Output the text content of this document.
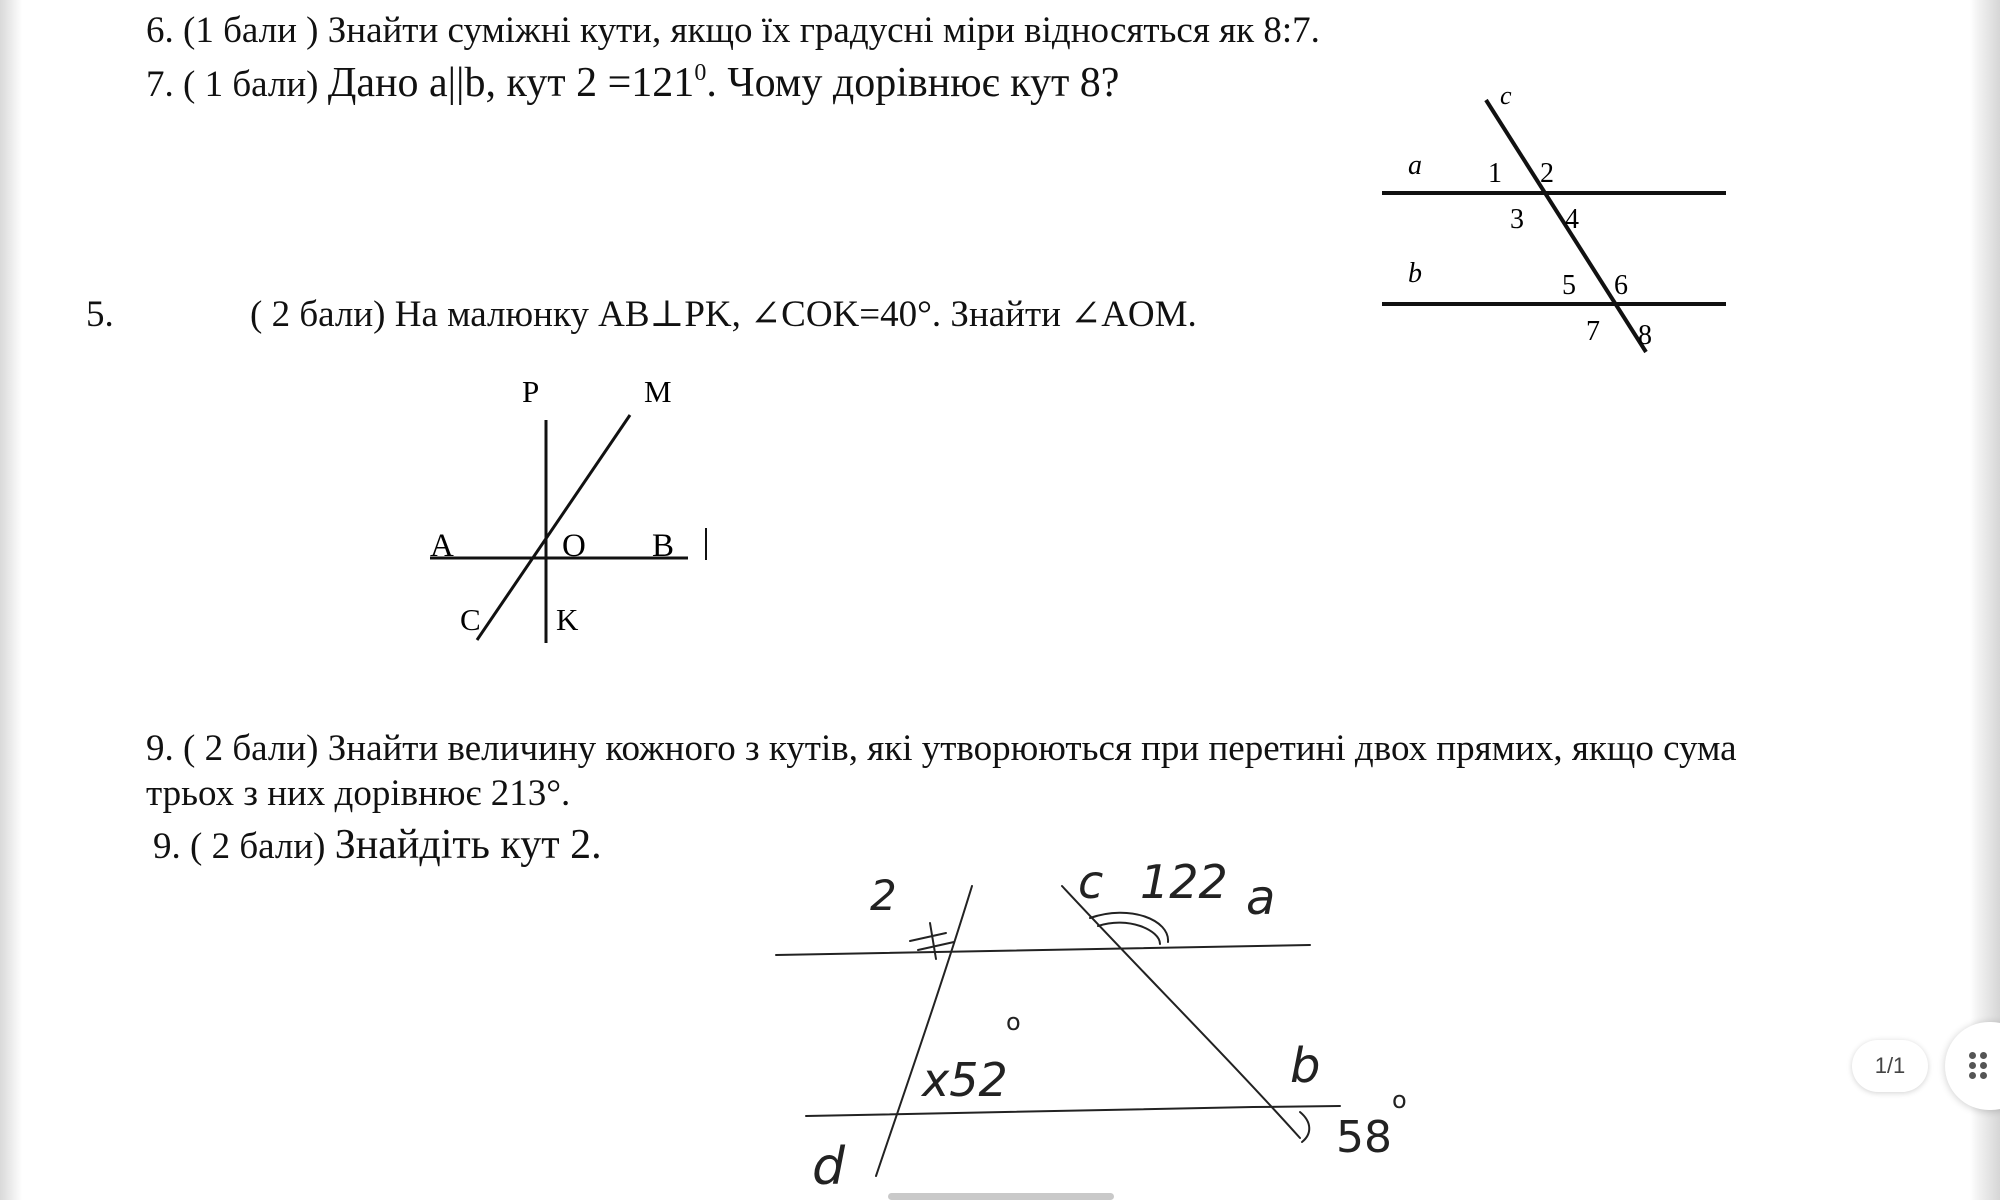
6. (1 бали ) Знайти суміжні кути, якщо їх градусні міри відносяться як 8:7.
7. ( 1 бали) Дано a||b, кут $2 =121^0$. Чому дорівнює кут 8?
5.	( 2 бали) На малюнку AB⊥PK, ∠COK=40°. Знайти ∠AOM.
9. ( 2 бали) Знайти величину кожного з кутів, які утворюються при перетині двох прямих, якщо сума
трьох з них дорівнює 213°.
9. ( 2 бали) Знайдіть кут 2.
a
b
c
1 2
3 4
5 6
7 8
P	M
A	O B
C K
2	c 122 a
x52
o
b
d	58
o
1/1
